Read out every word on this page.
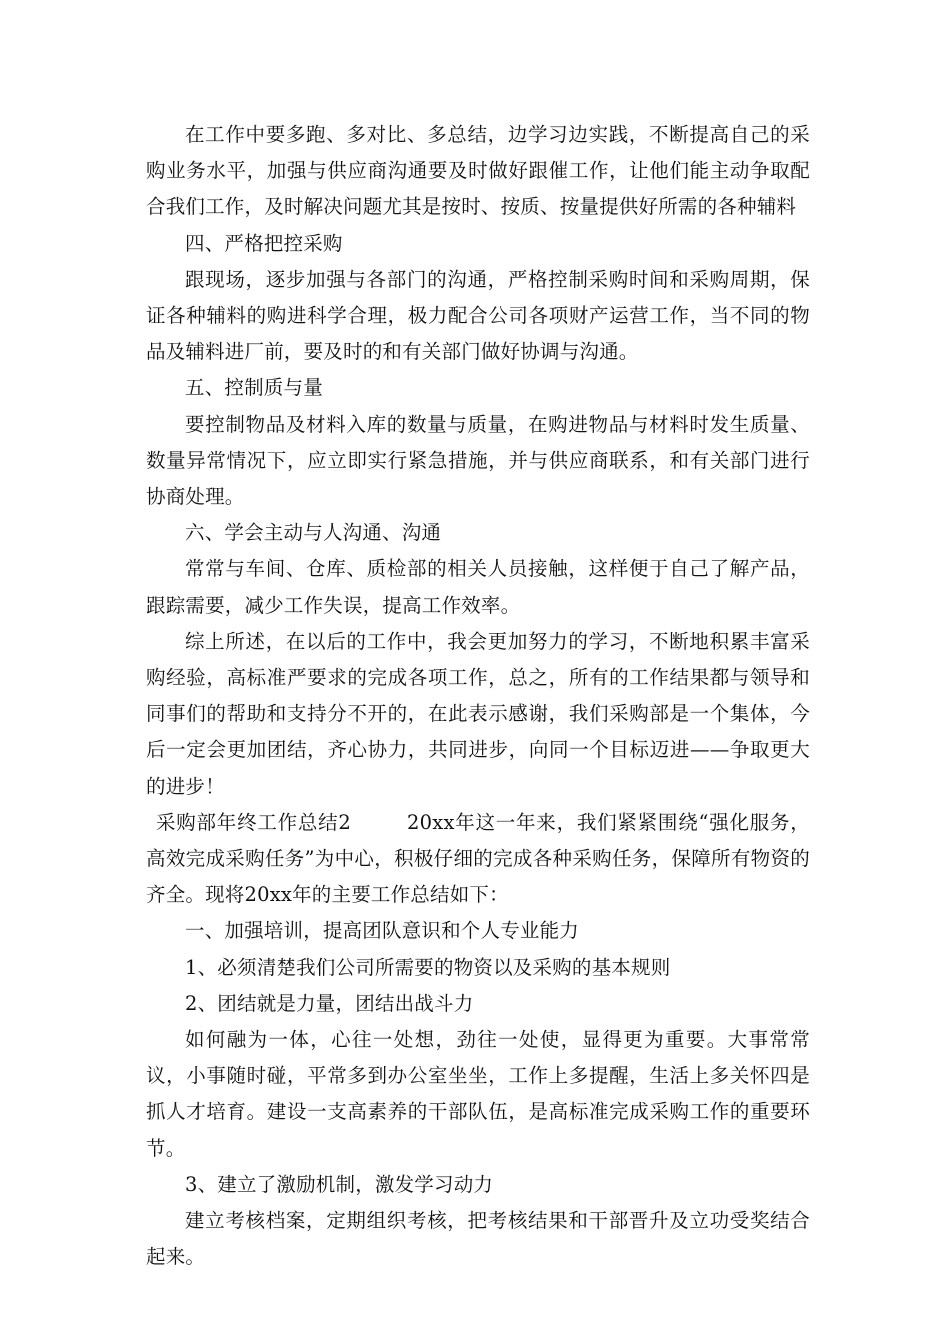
在工作中要多跑、多对比、多总结，边学习边实践，不断提高自己的采购业务水平，加强与供应商沟通要及时做好跟催工作，让他们能主动争取配合我们工作，及时解决问题尤其是按时、按质、按量提供好所需的各种辅料

四、严格把控采购

跟现场，逐步加强与各部门的沟通，严格控制采购时间和采购周期，保证各种辅料的购进科学合理，极力配合公司各项财产运营工作，当不同的物品及辅料进厂前，要及时的和有关部门做好协调与沟通。

五、控制质与量

要控制物品及材料入库的数量与质量，在购进物品与材料时发生质量、数量异常情况下，应立即实行紧急措施，并与供应商联系，和有关部门进行协商处理。

六、学会主动与人沟通、沟通

常常与车间、仓库、质检部的相关人员接触，这样便于自己了解产品，跟踪需要，减少工作失误，提高工作效率。

综上所述，在以后的工作中，我会更加努力的学习，不断地积累丰富采购经验，高标准严要求的完成各项工作，总之，所有的工作结果都与领导和同事们的帮助和支持分不开的，在此表示感谢，我们采购部是一个集体，今后一定会更加团结，齐心协力，共同进步，向同一个目标迈进——争取更大的进步！

采购部年终工作总结2	20xx年这一年来，我们紧紧围绕“强化服务，高效完成采购任务”为中心，积极仔细的完成各种采购任务，保障所有物资的齐全。现将20xx年的主要工作总结如下：

一、加强培训，提高团队意识和个人专业能力

1、必须清楚我们公司所需要的物资以及采购的基本规则

2、团结就是力量，团结出战斗力

如何融为一体，心往一处想，劲往一处使，显得更为重要。大事常常议，小事随时碰，平常多到办公室坐坐，工作上多提醒，生活上多关怀四是抓人才培育。建设一支高素养的干部队伍，是高标准完成采购工作的重要环节。

3、建立了激励机制，激发学习动力

建立考核档案，定期组织考核，把考核结果和干部晋升及立功受奖结合起来。
